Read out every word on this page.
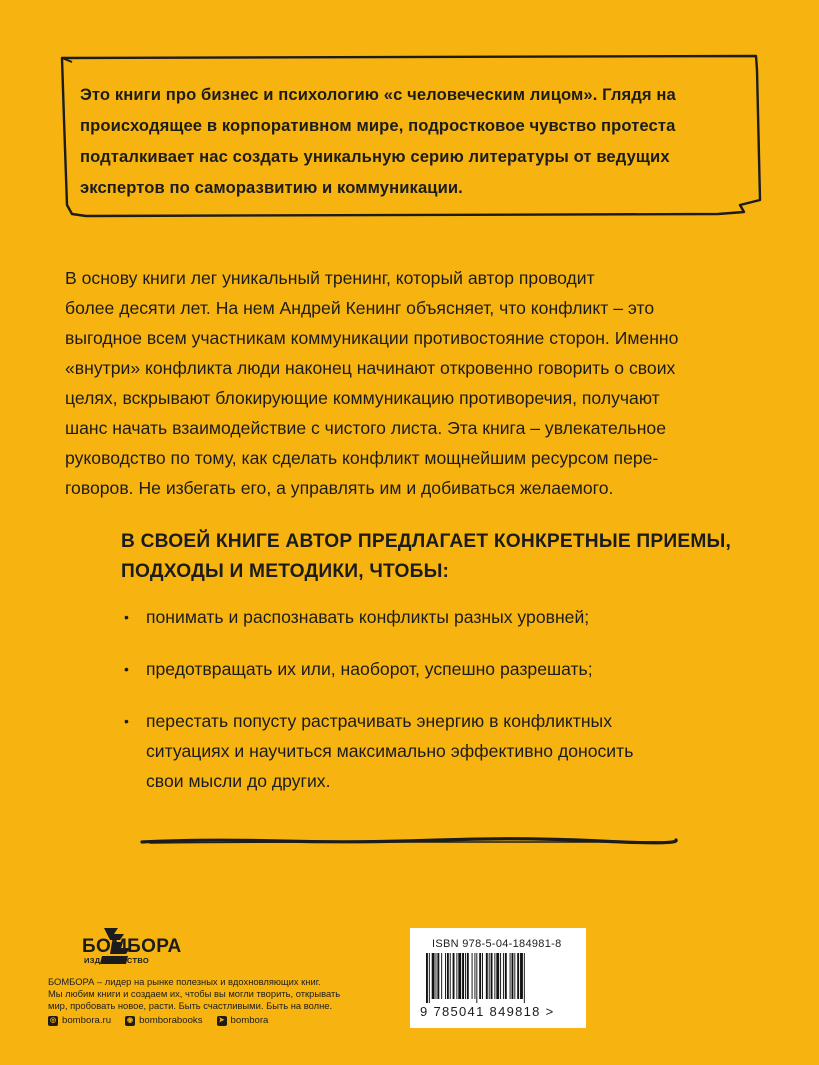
Это книги про бизнес и психологию «с человеческим лицом». Глядя на
происходящее в корпоративном мире, подростковое чувство протеста
подталкивает нас создать уникальную серию литературы от ведущих
экспертов по саморазвитию и коммуникации.
В основу книги лег уникальный тренинг, который автор проводит
более десяти лет. На нем Андрей Кенинг объясняет, что конфликт – это
выгодное всем участникам коммуникации противостояние сторон. Именно
«внутри» конфликта люди наконец начинают откровенно говорить о своих
целях, вскрывают блокирующие коммуникацию противоречия, получают
шанс начать взаимодействие с чистого листа. Эта книга – увлекательное
руководство по тому, как сделать конфликт мощнейшим ресурсом пере-
говоров. Не избегать его, а управлять им и добиваться желаемого.
В СВОЕЙ КНИГЕ АВТОР ПРЕДЛАГАЕТ КОНКРЕТНЫЕ ПРИЕМЫ,
ПОДХОДЫ И МЕТОДИКИ, ЧТОБЫ:
• понимать и распознавать конфликты разных уровней;
• предотвращать их или, наоборот, успешно разрешать;
• перестать попусту растрачивать энергию в конфликтных
ситуациях и научиться максимально эффективно доносить
свои мысли до других.
БОМБОРА
ИЗДАТЕЛЬСТВО
БОМБОРА – лидер на рынке полезных и вдохновляющих книг.
Мы любим книги и создаем их, чтобы вы могли творить, открывать
мир, пробовать новое, расти. Быть счастливыми. Быть на волне.
◎ bombora.ru ◉ bomborabooks ➤ bombora
ISBN 978-5-04-184981-8
9 785041 849818 >
